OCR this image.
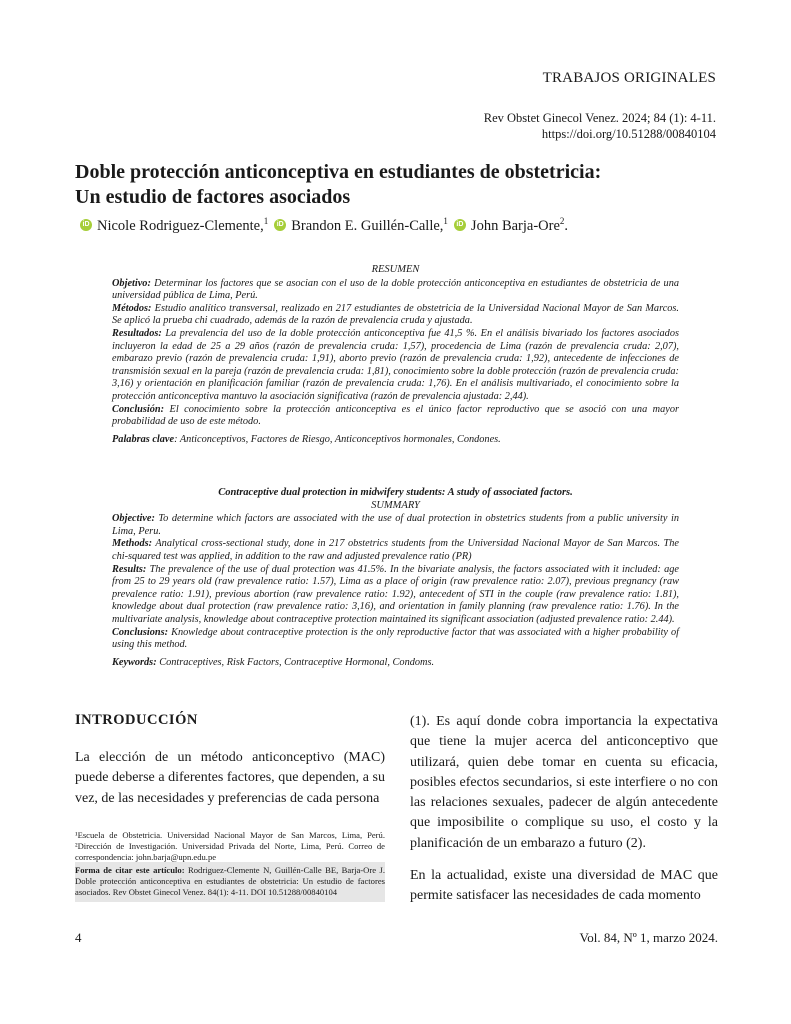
TRABAJOS ORIGINALES
Rev Obstet Ginecol Venez. 2024; 84 (1): 4-11.
https://doi.org/10.51288/00840104
Doble protección anticonceptiva en estudiantes de obstetricia:
Un estudio de factores asociados
iD Nicole Rodriguez-Clemente,$^1$	iD Brandon E. Guillén-Calle,$^1$	iD John Barja-Ore$^2$.
RESUMEN

Objetivo: Determinar los factores que se asocian con el uso de la doble protección anticonceptiva en estudiantes de obstetricia de una universidad pública de Lima, Perú.

Métodos: Estudio analítico transversal, realizado en 217 estudiantes de obstetricia de la Universidad Nacional Mayor de San Marcos. Se aplicó la prueba chi cuadrado, además de la razón de prevalencia cruda y ajustada.

Resultados: La prevalencia del uso de la doble protección anticonceptiva fue 41,5 %. En el análisis bivariado los factores asociados incluyeron la edad de 25 a 29 años (razón de prevalencia cruda: 1,57), procedencia de Lima (razón de prevalencia cruda: 2,07), embarazo previo (razón de prevalencia cruda: 1,91), aborto previo (razón de prevalencia cruda: 1,92), antecedente de infecciones de transmisión sexual en la pareja (razón de prevalencia cruda: 1,81), conocimiento sobre la doble protección (razón de prevalencia cruda: 3,16) y orientación en planificación familiar (razón de prevalencia cruda: 1,76). En el análisis multivariado, el conocimiento sobre la protección anticonceptiva mantuvo la asociación significativa (razón de prevalencia ajustada: 2,44).

Conclusión: El conocimiento sobre la protección anticonceptiva es el único factor reproductivo que se asoció con una mayor probabilidad de uso de este método.

Palabras clave: Anticonceptivos, Factores de Riesgo, Anticonceptivos hormonales, Condones.

Contraceptive dual protection in midwifery students: A study of associated factors.
SUMMARY

Objective: To determine which factors are associated with the use of dual protection in obstetrics students from a public university in Lima, Peru.

Methods: Analytical cross-sectional study, done in 217 obstetrics students from the Universidad Nacional Mayor de San Marcos. The chi-squared test was applied, in addition to the raw and adjusted prevalence ratio (PR)

Results: The prevalence of the use of dual protection was 41.5%. In the bivariate analysis, the factors associated with it included: age from 25 to 29 years old (raw prevalence ratio: 1.57), Lima as a place of origin (raw prevalence ratio: 2.07), previous pregnancy (raw prevalence ratio: 1.91), previous abortion (raw prevalence ratio: 1.92), antecedent of STI in the couple (raw prevalence ratio: 1.81), knowledge about dual protection (raw prevalence ratio: 3,16), and orientation in family planning (raw prevalence ratio: 1.76). In the multivariate analysis, knowledge about contraceptive protection maintained its significant association (adjusted prevalence ratio: 2.44).

Conclusions: Knowledge about contraceptive protection is the only reproductive factor that was associated with a higher probability of using this method.

Keywords: Contraceptives, Risk Factors, Contraceptive Hormonal, Condoms.

INTRODUCCIÓN
La elección de un método anticonceptivo (MAC) puede deberse a diferentes factores, que dependen, a su vez, de las necesidades y preferencias de cada persona
¹Escuela de Obstetricia. Universidad Nacional Mayor de San Marcos, Lima, Perú. ²Dirección de Investigación. Universidad Privada del Norte, Lima, Perú. Correo de correspondencia: john.barja@upn.edu.pe
Forma de citar este artículo: Rodriguez-Clemente N, Guillén-Calle BE, Barja-Ore J. Doble protección anticonceptiva en estudiantes de obstetricia: Un estudio de factores asociados. Rev Obstet Ginecol Venez. 84(1): 4-11. DOI 10.51288/00840104

(1). Es aquí donde cobra importancia la expectativa que tiene la mujer acerca del anticonceptivo que utilizará, quien debe tomar en cuenta su eficacia, posibles efectos secundarios, si este interfiere o no con las relaciones sexuales, padecer de algún antecedente que imposibilite o complique su uso, el costo y la planificación de un embarazo a futuro (2).

En la actualidad, existe una diversidad de MAC que permite satisfacer las necesidades de cada momento

4	Vol. 84, Nº 1, marzo 2024.
